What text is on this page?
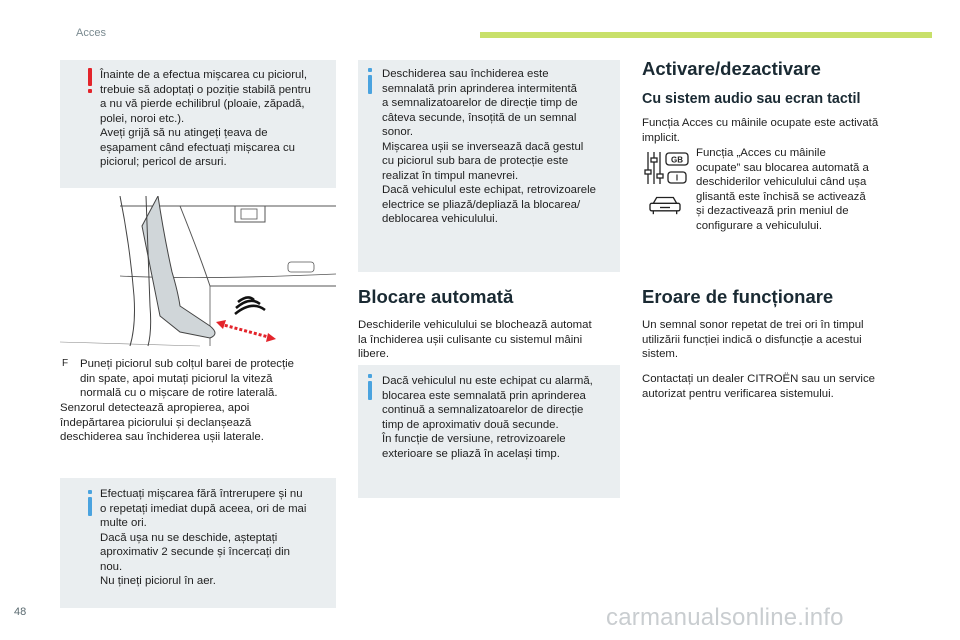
Acces
Înainte de a efectua mișcarea cu piciorul,
trebuie să adoptați o poziție stabilă pentru
a nu vă pierde echilibrul (ploaie, zăpadă,
polei, noroi etc.).
Aveți grijă să nu atingeți țeava de
eșapament când efectuați mișcarea cu
piciorul; pericol de arsuri.
F Puneți piciorul sub colțul barei de protecție
din spate, apoi mutați piciorul la viteză
normală cu o mișcare de rotire laterală.
Senzorul detectează apropierea, apoi
îndepărtarea piciorului și declanșează
deschiderea sau închiderea ușii laterale.
Efectuați mișcarea fără întrerupere și nu
o repetați imediat după aceea, ori de mai
multe ori.
Dacă ușa nu se deschide, așteptați
aproximativ 2 secunde și încercați din
nou.
Nu țineți piciorul în aer.
Deschiderea sau închiderea este
semnalată prin aprinderea intermitentă
a semnalizatoarelor de direcție timp de
câteva secunde, însoțită de un semnal
sonor.
Mișcarea ușii se inversează dacă gestul
cu piciorul sub bara de protecție este
realizat în timpul manevrei.
Dacă vehiculul este echipat, retrovizoarele
electrice se pliază/depliază la blocarea/
deblocarea vehiculului.
Blocare automată
Deschiderile vehiculului se blochează automat
la închiderea ușii culisante cu sistemul mâini
libere.
Dacă vehiculul nu este echipat cu alarmă,
blocarea este semnalată prin aprinderea
continuă a semnalizatoarelor de direcție
timp de aproximativ două secunde.
În funcție de versiune, retrovizoarele
exterioare se pliază în același timp.
Activare/dezactivare
Cu sistem audio sau ecran tactil
Funcția Acces cu mâinile ocupate este activată
implicit.
GB
I
Funcția „Acces cu mâinile
ocupate” sau blocarea automată a
deschiderilor vehiculului când ușa
glisantă este închisă se activează
și dezactivează prin meniul de
configurare a vehiculului.
Eroare de funcționare
Un semnal sonor repetat de trei ori în timpul
utilizării funcției indică o disfuncție a acestui
sistem.
Contactați un dealer CITROËN sau un service
autorizat pentru verificarea sistemului.
48	carmanualsonline.info
